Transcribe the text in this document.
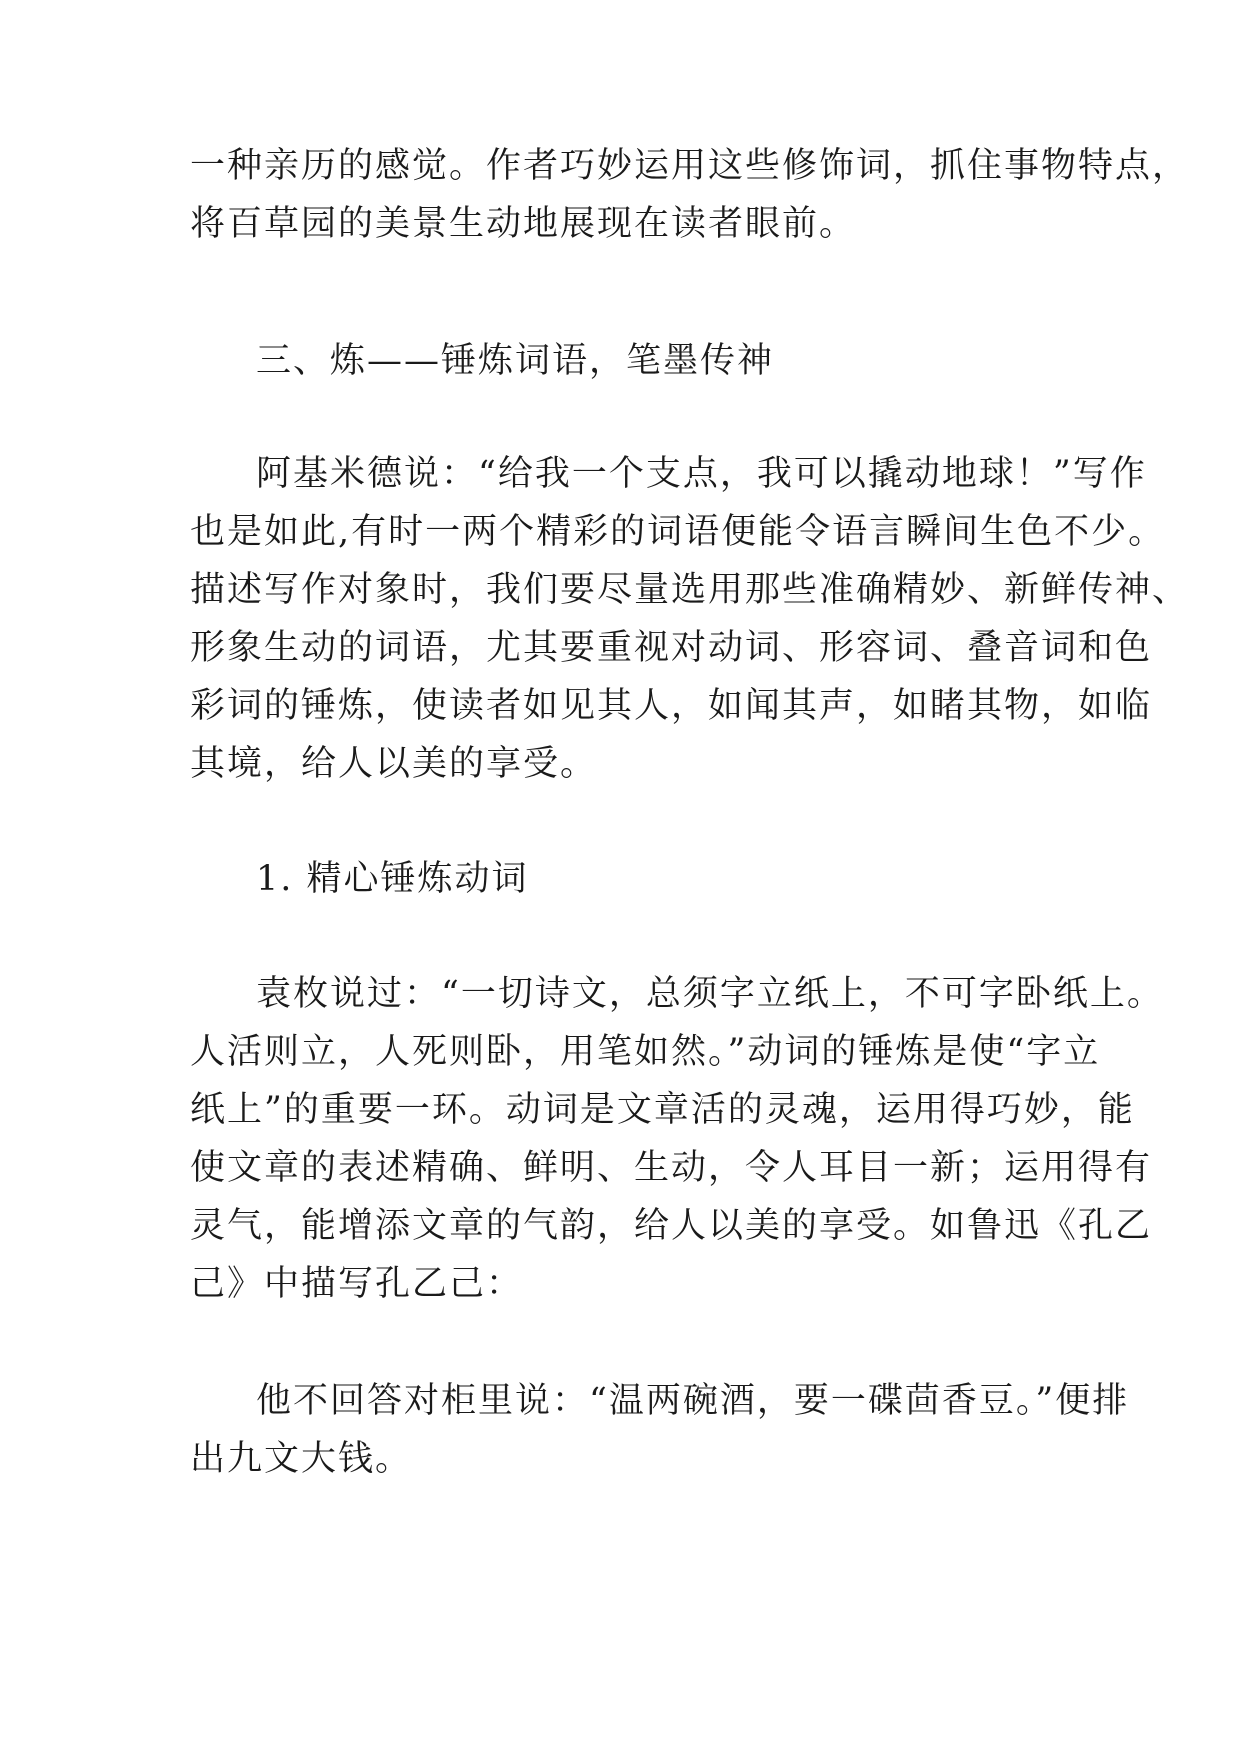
一种亲历的感觉。作者巧妙运用这些修饰词，抓住事物特点，
将百草园的美景生动地展现在读者眼前。
三、炼——锤炼词语，笔墨传神
阿基米德说：“给我一个支点，我可以撬动地球！”写作
也是如此,有时一两个精彩的词语便能令语言瞬间生色不少。
描述写作对象时，我们要尽量选用那些准确精妙、新鲜传神、
形象生动的词语，尤其要重视对动词、形容词、叠音词和色
彩词的锤炼，使读者如见其人，如闻其声，如睹其物，如临
其境，给人以美的享受。
1. 精心锤炼动词
袁枚说过：“一切诗文，总须字立纸上，不可字卧纸上。
人活则立，人死则卧，用笔如然。”动词的锤炼是使“字立
纸上”的重要一环。动词是文章活的灵魂，运用得巧妙，能
使文章的表述精确、鲜明、生动，令人耳目一新；运用得有
灵气，能增添文章的气韵，给人以美的享受。如鲁迅《孔乙
己》中描写孔乙己：
他不回答对柜里说：“温两碗酒，要一碟茴香豆。”便排
出九文大钱。
